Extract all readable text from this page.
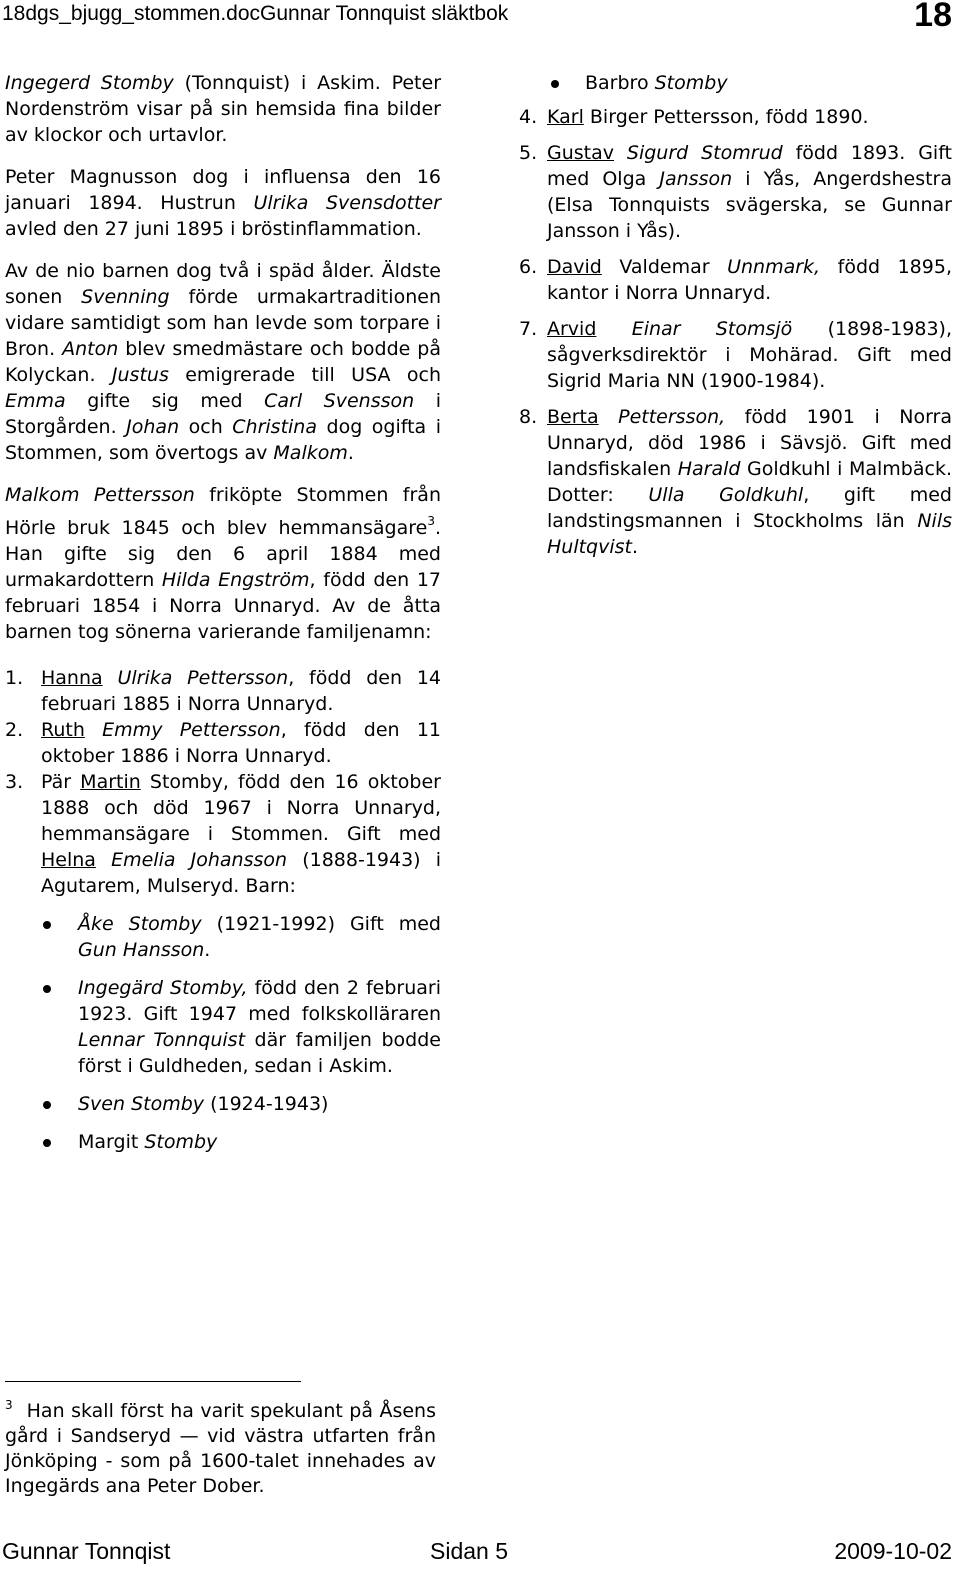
18dgs_bjugg_stommen.docGunnar Tonnquist släktbok	18

Ingegerd Stomby (Tonnquist) i Askim. Peter Nordenström visar på sin hemsida fina bilder av klockor och urtavlor.

Peter Magnusson dog i influensa den 16 januari 1894. Hustrun Ulrika Svensdotter avled den 27 juni 1895 i bröstinflammation.

Av de nio barnen dog två i späd ålder. Äldste sonen Svenning förde urmakartraditionen vidare samtidigt som han levde som torpare i Bron. Anton blev smedmästare och bodde på Kolyckan. Justus emigrerade till USA och Emma gifte sig med Carl Svensson i Storgården. Johan och Christina dog ogifta i Stommen, som övertogs av Malkom.

Malkom Pettersson friköpte Stommen från Hörle bruk 1845 och blev hemmansägare$^3$. Han gifte sig den 6 april 1884 med urmakardottern Hilda Engström, född den 17 februari 1854 i Norra Unnaryd. Av de åtta barnen tog sönerna varierande familjenamn:

1. Hanna Ulrika Pettersson, född den 14 februari 1885 i Norra Unnaryd.
2. Ruth Emmy Pettersson, född den 11 oktober 1886 i Norra Unnaryd.
3. Pär Martin Stomby, född den 16 oktober 1888 och död 1967 i Norra Unnaryd, hemmansägare i Stommen. Gift med Helna Emelia Johansson (1888-1943) i Agutarem, Mulseryd. Barn:
Åke Stomby (1921-1992) Gift med Gun Hansson.
Ingegärd Stomby, född den 2 februari 1923. Gift 1947 med folkskolläraren Lennar Tonnquist där familjen bodde först i Guldheden, sedan i Askim.
Sven Stomby (1924-1943)
Margit Stomby
Barbro Stomby
4. Karl Birger Pettersson, född 1890.
5. Gustav Sigurd Stomrud född 1893. Gift med Olga Jansson i Yås, Angerdshestra (Elsa Tonnquists svägerska, se Gunnar Jansson i Yås).
6. David Valdemar Unnmark, född 1895, kantor i Norra Unnaryd.
7. Arvid Einar Stomsjö (1898-1983), sågverksdirektör i Mohärad. Gift med Sigrid Maria NN (1900-1984).
8. Berta Pettersson, född 1901 i Norra Unnaryd, död 1986 i Sävsjö. Gift med landsfiskalen Harald Goldkuhl i Malmbäck. Dotter: Ulla Goldkuhl, gift med landstingsmannen i Stockholms län Nils Hultqvist.
$^3$ Han skall först ha varit spekulant på Åsens gård i Sandseryd — vid västra utfarten från Jönköping - som på 1600-talet innehades av Ingegärds ana Peter Dober.
Gunnar Tonnqist	Sidan 5	2009-10-02
